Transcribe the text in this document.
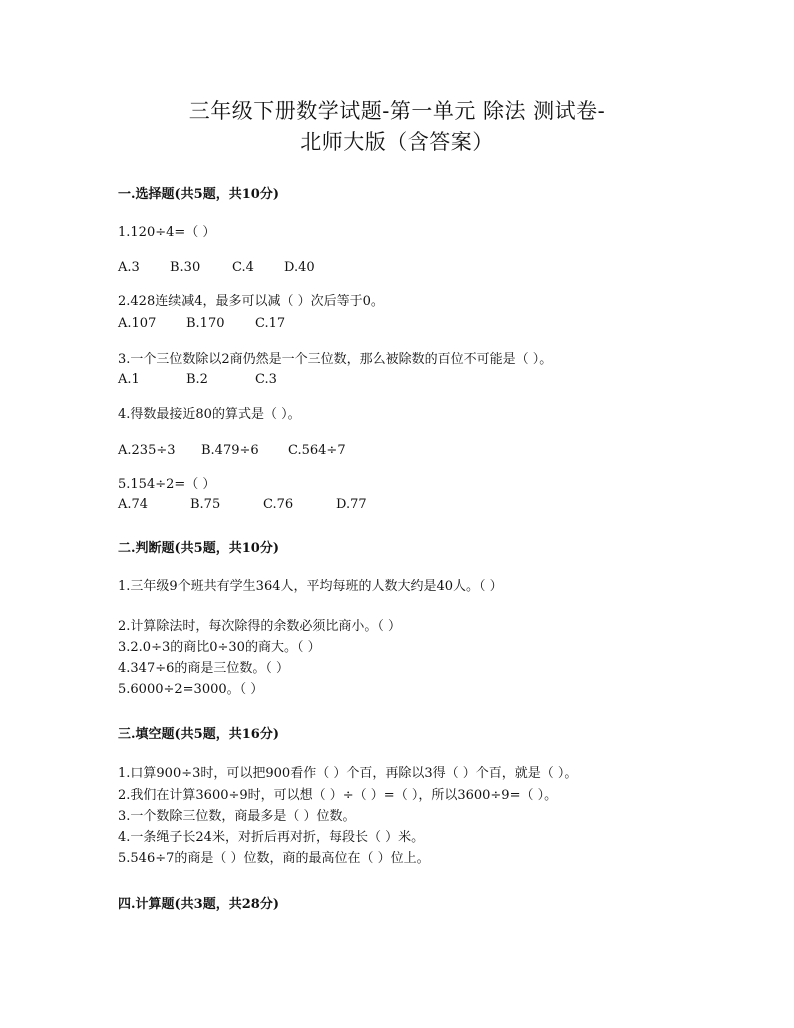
三年级下册数学试题-第一单元 除法 测试卷-
北师大版（含答案）
一.选择题(共5题，共10分)
1.120÷4=（ ）
A.3 B.30 C.4 D.40
2.428连续减4，最多可以减（ ）次后等于0。
A.107 B.170 C.17
3.一个三位数除以2商仍然是一个三位数，那么被除数的百位不可能是（ ）。
A.1	B.2	C.3
4.得数最接近80的算式是（ ）。
A.235÷3 B.479÷6 C.564÷7
5.154÷2=（ ）
A.74	B.75	C.76	D.77
二.判断题(共5题，共10分)
1.三年级9个班共有学生364人，平均每班的人数大约是40人。（ ）
2.计算除法时，每次除得的余数必须比商小。（ ）
3.2.0÷3的商比0÷30的商大。（ ）
4.347÷6的商是三位数。（ ）
5.6000÷2=3000。（ ）
三.填空题(共5题，共16分)
1.口算900÷3时，可以把900看作（ ）个百，再除以3得（ ）个百，就是（ ）。
2.我们在计算3600÷9时，可以想（ ）÷（ ）=（ ），所以3600÷9=（ ）。
3.一个数除三位数，商最多是（ ）位数。
4.一条绳子长24米，对折后再对折，每段长（ ）米。
5.546÷7的商是（ ）位数，商的最高位在（ ）位上。
四.计算题(共3题，共28分)
